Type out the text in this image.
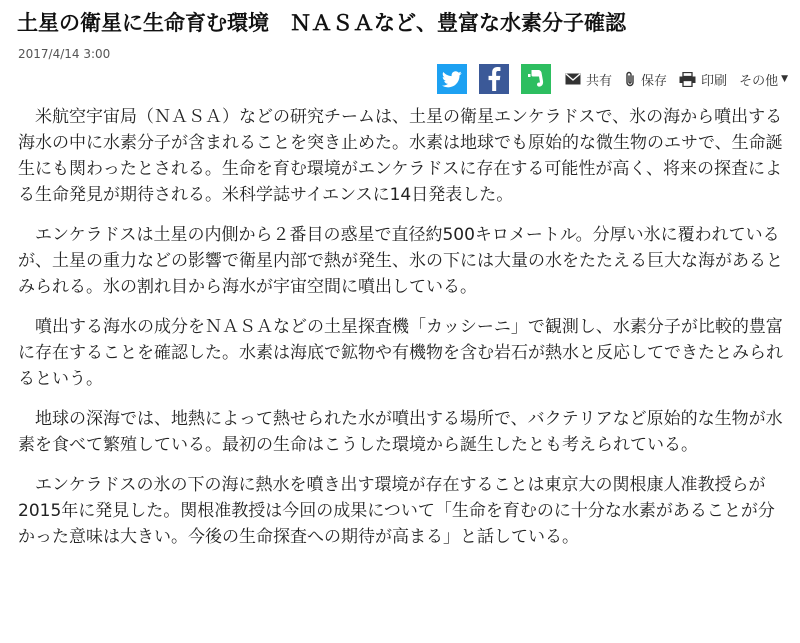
土星の衛星に生命育む環境　ＮＡＳＡなど、豊富な水素分子確認
2017/4/14 3:00
共有 保存	印刷 その他 ▼

米航空宇宙局（ＮＡＳＡ）などの研究チームは、土星の衛星エンケラドスで、氷の海から噴出する海水の中に水素分子が含まれることを突き止めた。水素は地球でも原始的な微生物のエサで、生命誕生にも関わったとされる。生命を育む環境がエンケラドスに存在する可能性が高く、将来の探査による生命発見が期待される。米科学誌サイエンスに14日発表した。

エンケラドスは土星の内側から２番目の惑星で直径約500キロメートル。分厚い氷に覆われているが、土星の重力などの影響で衛星内部で熱が発生、氷の下には大量の水をたたえる巨大な海があるとみられる。氷の割れ目から海水が宇宙空間に噴出している。

噴出する海水の成分をＮＡＳＡなどの土星探査機「カッシーニ」で観測し、水素分子が比較的豊富に存在することを確認した。水素は海底で鉱物や有機物を含む岩石が熱水と反応してできたとみられるという。

地球の深海では、地熱によって熱せられた水が噴出する場所で、バクテリアなど原始的な生物が水素を食べて繁殖している。最初の生命はこうした環境から誕生したとも考えられている。

エンケラドスの氷の下の海に熱水を噴き出す環境が存在することは東京大の関根康人准教授らが2015年に発見した。関根准教授は今回の成果について「生命を育むのに十分な水素があることが分かった意味は大きい。今後の生命探査への期待が高まる」と話している。
